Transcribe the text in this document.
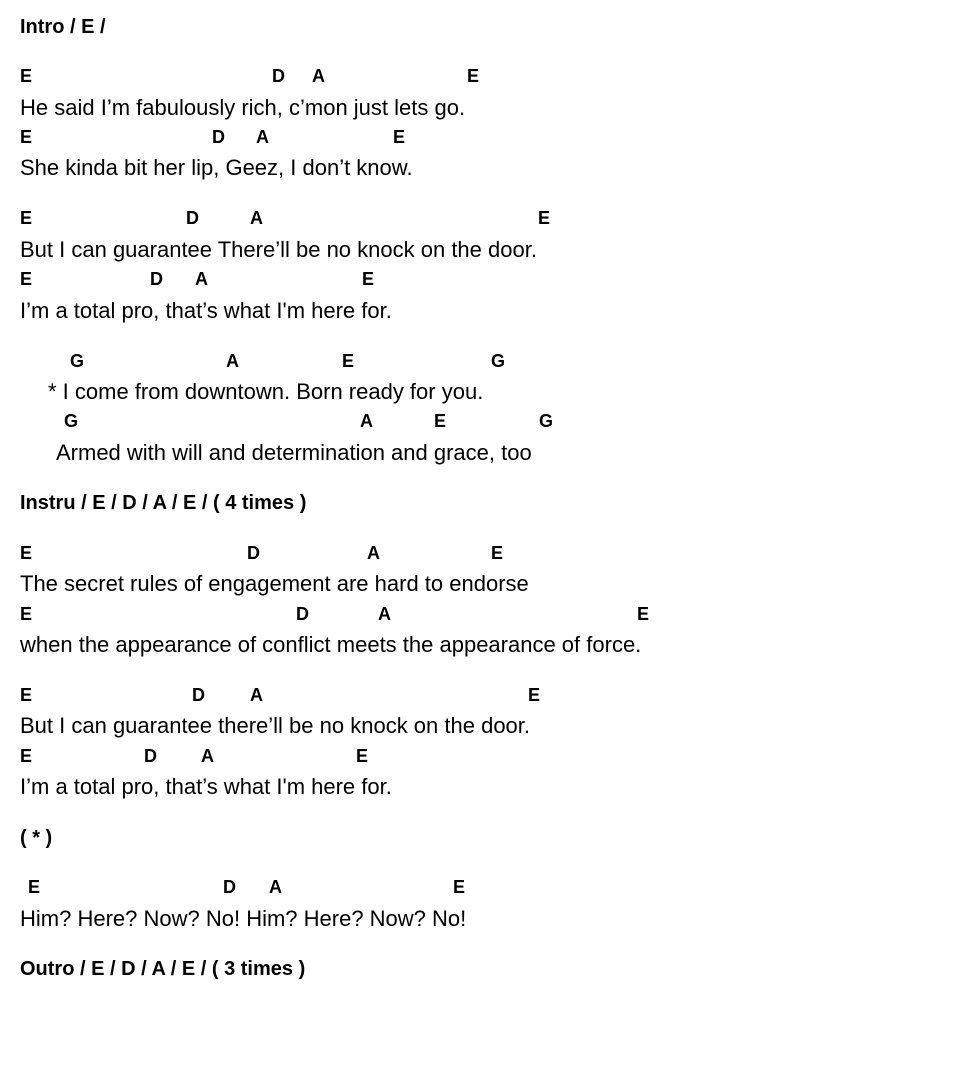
Intro / E /
E	D A	E
He said I’m fabulously rich, c’mon just lets go.
E	D A	E
She kinda bit her lip, Geez, I don’t know.
E	D	A	E
But I can guarantee There’ll be no knock on the door.
E	D A	E
I’m a total pro, that’s what I'm here for.
G	A	E	G
* I come from downtown. Born ready for you.
G	A	E	G
Armed with will and determination and grace, too
Instru / E / D / A / E / ( 4 times )
E	D	A	E
The secret rules of engagement are hard to endorse
E	D	A	E
when the appearance of conflict meets the appearance of force.
E	D	A	E
But I can guarantee there’ll be no knock on the door.
E	D A	E
I’m a total pro, that’s what I'm here for.
( * )
E	D A	E
Him? Here? Now? No! Him? Here? Now? No!
Outro / E / D / A / E / ( 3 times )
